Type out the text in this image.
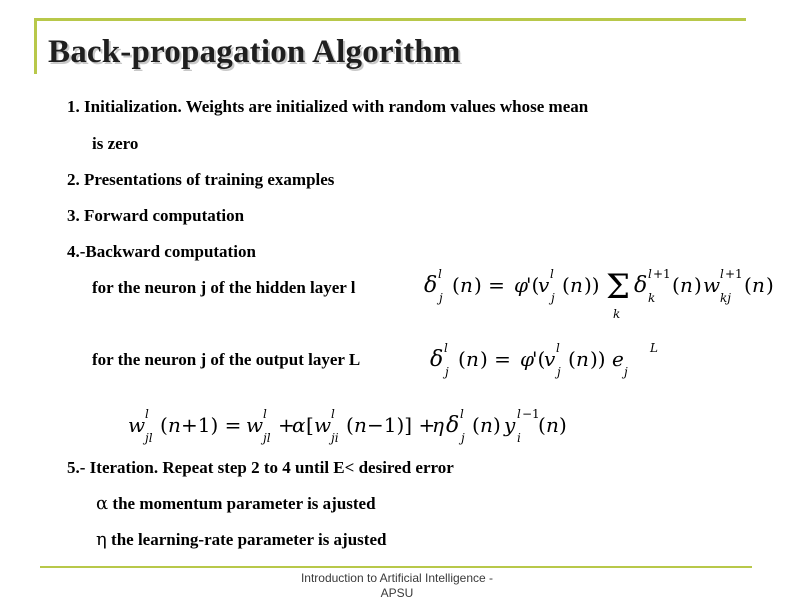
Back-propagation Algorithm
1. Initialization. Weights are initialized with random values whose mean
is zero
2. Presentations of training examples
3. Forward computation
4.-Backward computation
for the neuron j of the hidden layer l	δ l
j
( n ) = φ
'(
v l
j
( n )) Σ
k
δ l +1
k
( n ) w l +1
kj
( n )
for the neuron j of the output layer L	δ l
j
( n ) = φ
'(
v l
j
( n )) e
j
L
w
jl
l ( n +1) = w
jl
l +
α [ w
ji
l ( n −1)] +
η δ l
j
( n ) y
i
l −1
( n )
5.- Iteration. Repeat step 2 to 4 until E< desired error
α the momentum parameter is ajusted
η the learning-rate parameter is ajusted
Introduction to Artificial Intelligence -
APSU
